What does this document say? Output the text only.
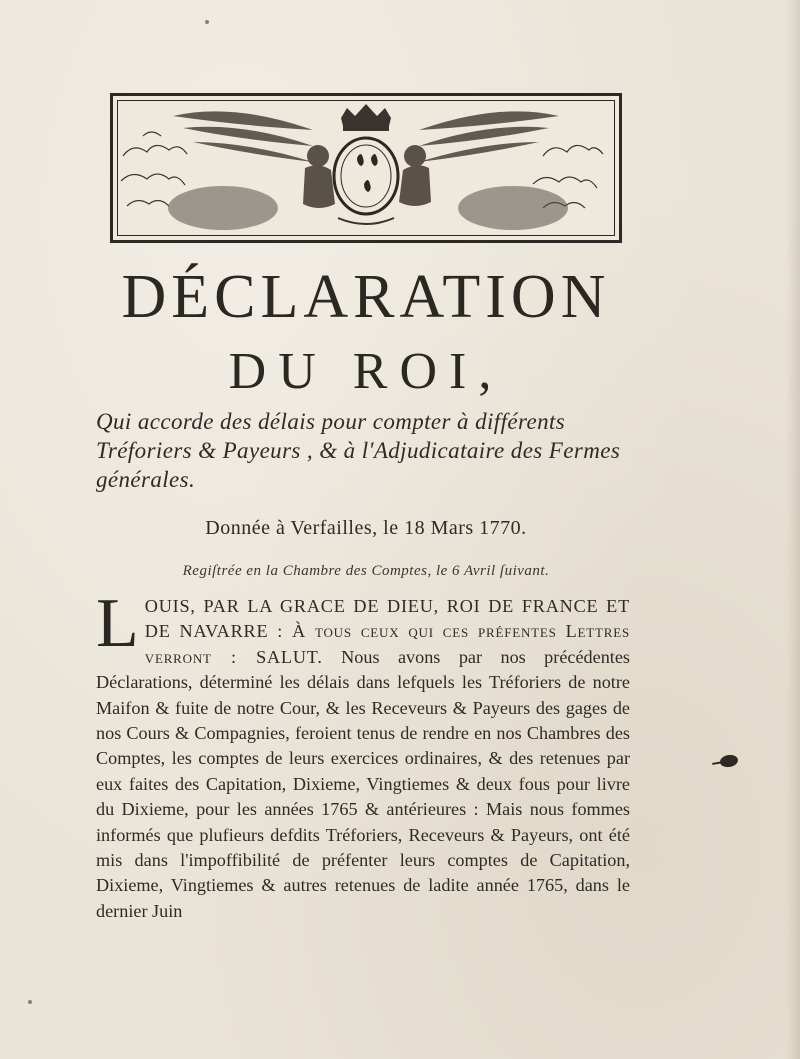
DÉCLARATION
DU ROI,

Qui accorde des délais pour compter à différents Tréforiers & Payeurs , & à l'Adjudicataire des Fermes générales.

Donnée à Verfailles, le 18 Mars 1770.

Regiſtrée en la Chambre des Comptes, le 6 Avril ſuivant.

L OUIS, PAR LA GRACE DE DIEU, ROI DE FRANCE ET DE NAVARRE : À tous ceux qui ces préfentes Lettres verront : SALUT. Nous avons par nos précédentes Déclarations, déterminé les délais dans lefquels les Tréforiers de notre Maifon & fuite de notre Cour, & les Receveurs & Payeurs des gages de nos Cours & Compagnies, feroient tenus de rendre en nos Chambres des Comptes, les comptes de leurs exercices ordinaires, & des retenues par eux faites des Capitation, Dixieme, Vingtiemes & deux fous pour livre du Dixieme, pour les années 1765 & antérieures : Mais nous fommes informés que plufieurs defdits Tréforiers, Receveurs & Payeurs, ont été mis dans l'impoffibilité de préfenter leurs comptes de Capitation, Dixieme, Vingtiemes & autres retenues de ladite année 1765, dans le dernier Juin
